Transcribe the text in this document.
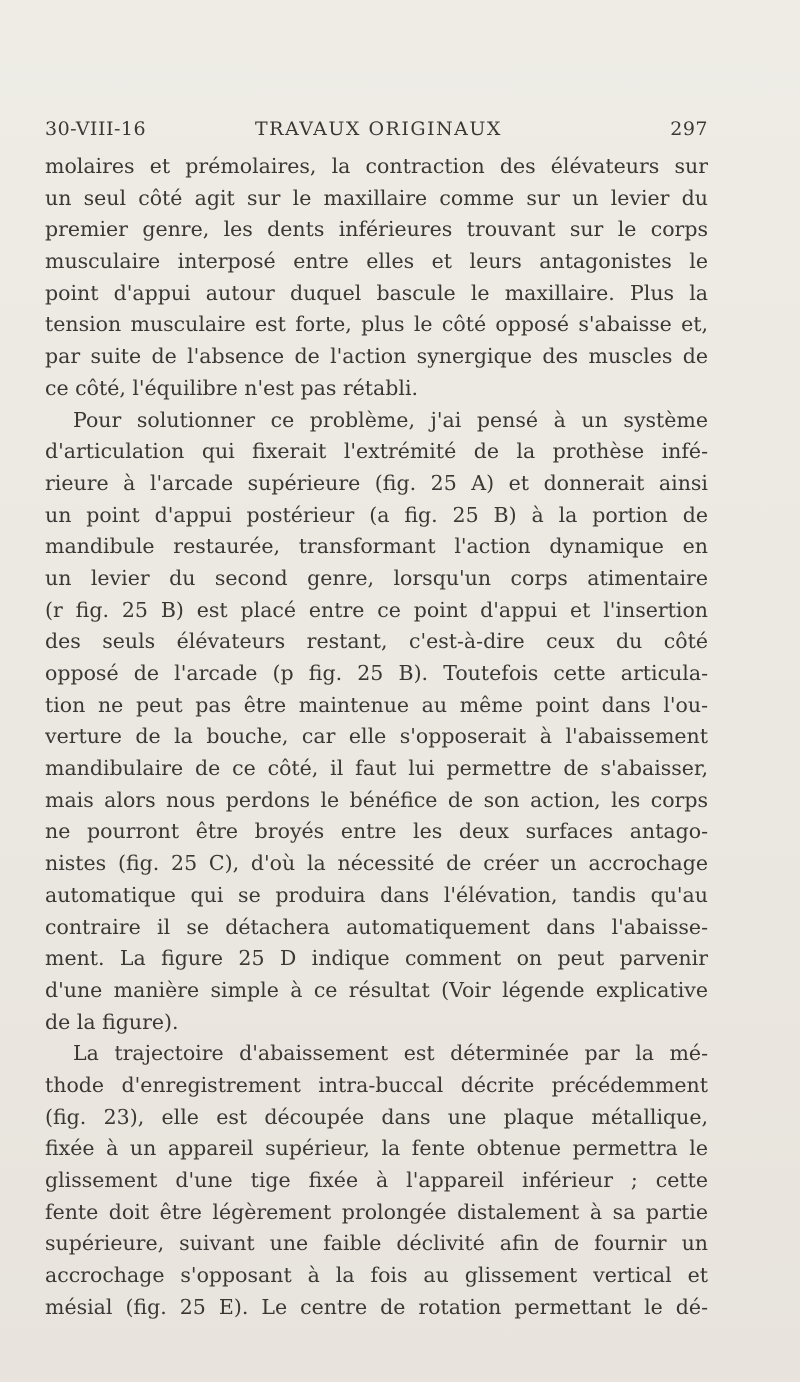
30-VIII-16	TRAVAUX ORIGINAUX	297
molaires et prémolaires, la contraction des élévateurs sur
un seul côté agit sur le maxillaire comme sur un levier du
premier genre, les dents inférieures trouvant sur le corps
musculaire interposé entre elles et leurs antagonistes le
point d'appui autour duquel bascule le maxillaire. Plus la
tension musculaire est forte, plus le côté opposé s'abaisse et,
par suite de l'absence de l'action synergique des muscles de
ce côté, l'équilibre n'est pas rétabli.
Pour solutionner ce problème, j'ai pensé à un système
d'articulation qui fixerait l'extrémité de la prothèse infé-
rieure à l'arcade supérieure (fig. 25 A) et donnerait ainsi
un point d'appui postérieur (a fig. 25 B) à la portion de
mandibule restaurée, transformant l'action dynamique en
un levier du second genre, lorsqu'un corps atimentaire
(r fig. 25 B) est placé entre ce point d'appui et l'insertion
des seuls élévateurs restant, c'est-à-dire ceux du côté
opposé de l'arcade (p fig. 25 B). Toutefois cette articula-
tion ne peut pas être maintenue au même point dans l'ou-
verture de la bouche, car elle s'opposerait à l'abaissement
mandibulaire de ce côté, il faut lui permettre de s'abaisser,
mais alors nous perdons le bénéfice de son action, les corps
ne pourront être broyés entre les deux surfaces antago-
nistes (fig. 25 C), d'où la nécessité de créer un accrochage
automatique qui se produira dans l'élévation, tandis qu'au
contraire il se détachera automatiquement dans l'abaisse-
ment. La figure 25 D indique comment on peut parvenir
d'une manière simple à ce résultat (Voir légende explicative
de la figure).
La trajectoire d'abaissement est déterminée par la mé-
thode d'enregistrement intra-buccal décrite précédemment
(fig. 23), elle est découpée dans une plaque métallique,
fixée à un appareil supérieur, la fente obtenue permettra le
glissement d'une tige fixée à l'appareil inférieur ; cette
fente doit être légèrement prolongée distalement à sa partie
supérieure, suivant une faible déclivité afin de fournir un
accrochage s'opposant à la fois au glissement vertical et
mésial (fig. 25 E). Le centre de rotation permettant le dé-
